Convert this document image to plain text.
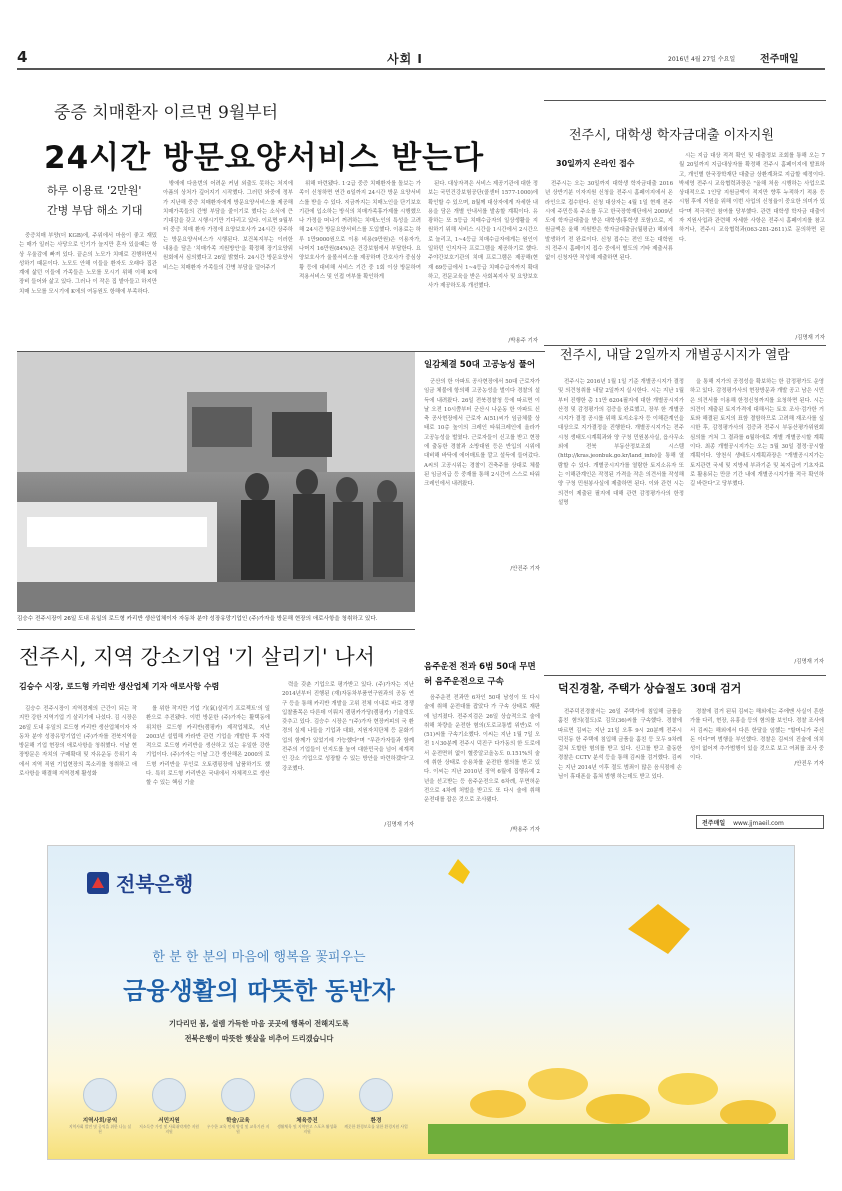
4	사회 I	2016년 4월 27일 수요일 전주매일
중증 치매환자 이르면 9월부터
24시간 방문요양서비스 받는다
하루 이용료 '2만원'
간병 부담 해소 기대

중증치매 부양(더 KGB)에, 주위에서 마음이 좋고 재밌는 매가 일러는 사당으로 인기가 늘지만 혼자 있을때는 항상 우울감에 빠져 있다. 끝순의 노모가 치매로 진행하면서 성하기 때문이다. 노모도 안해 이들을 환자도 오래다 집관계에 삶던 이들에 가족들은 노모를 모시기 위해 이해 K에 장비 들어와 삶고 있다. 그러나 이 작은 집 밭아들고 하지만 치매 노모를 모시기에 K에의 여동원도 항해에 부족하다.

밖에에 다음번의 어려운 커념 외출도 못하는 처지에 아픔의 상처가 깊어지기 시작했다. 그러던 와중에 정부가 지난해 중증 치매환자에게 방문요양서비스를 제공해 치매가족들의 간병 부담을 줄이기로 했다는 소식에 큰 기대감을 갖고 시행시기만 기다리고 있다. 이르면 9월부터 중증 치매 환자 가정에 요양보호사가 24시간 상주하는 방문요양서비스가 시행된다. 보건복지부는 이러한 내용을 담은 '치매가족 지원방안'을 확정해 장기요양위원회에서 심의했다고 26일 밝혔다. 24시간 방문요양서비스는 치매환자 가족들의 간병 부담을 덜어주기

위해 마련됐다. 1·2급 중증 치매환자를 돌보는 가족이 신청하면 연간 6일까지 24시간 방문 요양서비스를 받을 수 있다. 지금까지는 치매노인을 단기보호기관에 입소하는 방식의 치매가족휴가제를 시행했으나 가정을 떠나기 꺼려하는 치매노인의 특성을 고려해 24시간 방문요양서비스를 도입했다. 이용료는 하루 1만9000원으로 이용 비용(9만원)은 이용자가, 나머지 16만원(84%)은 건강보험에서 부담한다. 요양보호사가 울볼서비스를 제공하며 간호사가 중심상황 등에 대비해 서비스 기간 중 1회 이상 방문하여 적용서비스 및 인접 여부를 확인하게

된다. 대상자격은 서비스 제공기관에 대한 정보는 국민건강보험공단(콜센터 1577-1000)에 확인할 수 있으며, 8월께 대상자에게 자세한 내용을 담은 개별 안내서를 발송할 계획이다. 유광하는 또 5등급 치매수급자의 일상생활을 지원하기 위해 서비스 시간을 1시간에서 2시간으로 늘리고, 1~4등급 치매수급자에게는 원인이 일하던 인지자극 프로그램을 제공하기로 했다. 주야간보호기관의 치매 프로그램은 제공해(현재 69등급에서 1~4등급 치매수급자까지 확대하고, 전문교육을 받은 사회복지사 및 요양보호사가 제공하도록 개선했다.

/박용주 기자
전주시, 대학생 학자금대출 이자지원
30일까지 온라인 접수

전주시는 오는 30일까지 대학생 학자금대출 2016년 상반기분 이자지원 신청을 전주시 홈페이지에서 온라인으로 접수한다. 신청 대상자는 4월 1일 현재 전주시에 주민등록 주소를 두고 한국장학재단에서 2009년도에 학자금대출을 받은 대학생(휴학생 포함)으로, 지원금액은 올해 지원받은 학자금대출금(월평균) 해외에 발생하기 전 완료이다. 신청 접수는 전인 또는 대학원의 전주시 홈페이지 접수 중에서 별도의 기타 제출서류 없이 신청자만 작성해 제출하면 된다.

시는 지급 대상 적격 확인 및 대출정보 조회를 통해 오는 7월 20일까지 지급대상자를 확정해 전주시 홈페이지에 발표하고, 개인별 한국장학재단 대출금 상환계좌로 지급할 예정이다. 박세영 전주시 교육협력과장은 "올해 처음 시행하는 사업으로 상대적으로 1인당 지원금액이 적지만 향후 누적하기 적용 등 시험 후에 지원을 위해 이번 사업의 신청율이 중요한 의미가 있다"며 적극적인 참여를 당부했다. 관련 대학생 학자금 대출이자 지원사업과 관련해 자세한 사항은 전주시 홈페이지를 참고하거나, 전주시 교육협력과(063-281-2611)로 문의하면 된다.

/김명재 기자
김승수 전주시장이 26일 도내 유일의 로드형 카리반 생산업체이자 자동차 분야 성장유망기업인 (주)가자을 방문해 현장의 애로사항을 청취하고 있다.
일감체결 50대 고공농성 풀어

군산의 한 아파트 공사현장에서 50대 근로자가 임금 체불에 항의해 고공농성을 벌이다 경찰의 설득에 내려왔다. 26일 전북경찰청 등에 따르면 이날 오전 10시쯤부터 군산시 나운동 한 아파트 신축 공사현장에서 근로자 A(51)씨가 임금체불 상태로 10층 높이의 크레인 타워크레인에 올라가 고공농성을 벌였다. 근로자들이 신고를 받고 현장에 출동한 경찰과 소방대원 등은 반입의 시위에 대비해 바닥에 에어매트를 깔고 설득에 들어갔다. A씨의 고공시위는 경찰이 건축주를 상대로 체불된 임금지급 등 중재를 통해 2시간여 스스로 타워크레인에서 내려왔다.

/안진주 기자
전주시, 내달 2일까지 개별공시지가 열람

전주시는 2016년 1월 1일 기준 개별공시지가 결정 및 의견청취를 내달 2일까지 실시한다. 시는 지난 1월부터 진행한 총 11만 6204필지에 대한 개별공시지가 산정 및 감정평가의 검증을 완료했고, 장부 한 개별공시지가 결정 공시를 위해 토지소유자 등 이해관계인을 대상으로 지가결정을 진행한다. 개별공시지가는 전주시청 생태도시계획과와 양 구청 민원봉사실, 읍사무소 외에 전북 부동산정보조회 시스템(http://kras.jeonbuk.go.kr/land_info)을 통해 열람할 수 있다. 개별공시지가를 열람한 토지소유자 또는 이해관계인은 작정된 가격을 작은 의견서를 작성해 양 구청 민원봉사실에 제출하면 된다. 이와 관련 시는 의견이 제출된 필지에 대해 관련 감정평가사의 한정 설명

을 통해 지가의 공정성을 확보하는 한 감정평가도 운영하고 있다. 감정평가사의 현장방문과 개발 공고 남은 시민은 의견서를 이용해 한정신청까지를 요청하면 된다. 시는 의견이 제출된 토지가격에 대해서는 토호 조사·검가한 거토와 해결된 토지의 표함 결함하므로 고려해 재조사를 실시한 후, 감정평가사의 검증과 전주시 부동산평가위원회 심의를 거쳐 그 결과를 6월하에로 개별 개별공시할 계획이다. 최종 개별공시지가는 오는 5월 30일 결정·공시할 계획이다. 양천식 생태도시계획과장은 "개별공시지가는 토지관련 국세 및 지방세 부과기준 및 복지급여 기초자료로 활용되는 만큼 기간 내에 개별공시지가를 적극 확인하길 바란다"고 당부했다.

/김명재 기자
전주시, 지역 강소기업 '기 살리기' 나서
김승수 시장, 로드형 카리반 생산업체 기자 애로사항 수렴

김승수 전주시장이 지역경제의 근간이 되는 작지만 강한 지역기업 기 살리기에 나섰다. 김 시장은 26일 도내 유일의 로드형 카리반 생산업체이자 자동차 분야 성장유망기업인 (주)가자를 전북지역을 방문해 기업 현장의 애로사항을 청취했다. 이날 현장방문은 자치의 구매확대 및 자유운동 등위기 속에서 지역 직원 기업현장의 목소리를 청취하고 애로사항을 해결해 지역경제 활성화

를 위한 작지만 기업 기(氣)살리기 프로젝트'의 일환으로 추진됐다. 이번 방문한 (주)가자는 활택동에 위치한 로드형 카리반(캠핑카) 제작업체로, 지난 2003년 설립해 카라반 관련 기업을 개발한 후 자력적으로 로드형 카리반을 생산하고 있는 유일한 강한 기업이다. (주)가자는 이날 그간 생산해온 2000의 로드형 카리반을 무인로 오토캠핑장에 납품하기도 했다. 특히 로드형 카리반은 국내에서 자체적으로 생산할 수 있는 핵심 기술

력을 갖춘 기업으로 평가받고 있다. (주)가자는 지난 2014년부터 진행된 (재)자동차부품연구원과의 공동 연구 등을 통해 카리반 개발을 고위 전체 이내로 바로 경쟁입찰품목은 다른데 이뤄지 캠핑카가당(캠핑카) 기술력도 갖추고 있다. 김승수 시장은 "(주)가자 현장커피의 국 환경의 실제 나들을 기업과 대화, 지원자치단체 등 문화기업의 함께가 있었기에 가능했다"며 "무관가자들과 함께 전주의 기업들이 인지도를 높여 대한민국을 넘어 세계적인 강소 기업으로 성장할 수 있는 방안을 마련하겠다"고 강조했다.

/김명재 기자
음주운전 전과 6범 50대 무면허 음주운전으로 구속

음주운전 전과만 6차인 50대 남성이 또 다시 술에 취해 운전대를 잡았다 가 구속 상태로 재판에 넘겨졌다. 전주지검은 26일 상습적으로 술에 취해 차량을 운전한 혐의(도로교통법 위반)로 이(51)씨를 구속기소했다. 이씨는 지난 1월 7일 오전 1시30분께 전주시 덕진구 다가동의 한 도로에서 운전면허 없이 혈중알코올농도 0.151%의 술에 취한 상태로 승용차를 운전한 혐의를 받고 있다. 이씨는 지난 2010년 징역 6월에 집행유예 2년을 선고받는 등 음주운전으로 6차례, 무면허운전으로 4차례 처벌을 받고도 또 다시 술에 취해 운전대를 잡은 것으로 조사됐다.

/박용주 기자
덕진경찰, 주택가 상습절도 30대 검거

전주덕진경찰서는 26일 주택가에 침입해 금품을 훔친 혐의(절도)로 김모(36)씨를 구속했다. 경찰에 따르면 김씨는 지난 21일 오후 9시 20분께 전주시 덕진동 한 주택에 침입해 금품을 훔친 등 모두 9차례 걸쳐 도합한 혐의를 받고 있다. 신고를 받고 출동한 경찰은 CCTV 분석 등을 통해 김씨를 검거했다. 김씨는 지난 2014년 이후 절도 범죄이 많은 음식점에 손님이 휴대폰을 흡쳐 범행 하는데도 받고 있다.

경찰에 검거 된뒤 김씨는 해외에는 주에맨 사실이 흔한가를 다리, 현장, 유흥을 등의 혐의를 보인다. 경찰 조사에서 김씨는 해외에서 다른 한달을 임했는 "할머니가 주신 돈 이다"며 범행을 부인했다. 경찰은 김씨의 진술에 의치성이 없어져 추가범행이 있을 것으로 보고 여죄를 조사 중이다.

/안진우 기자
전주매일 www.jjmaeil.com
전북은행
한 분 한 분의 마음에 행복을 꽃피우는
금융생활의 따뜻한 동반자
기다리던 봄, 설렘 가득한 마음 곳곳에 행복이 전해지도록
전북은행이 따뜻한 햇살을 비추어 드리겠습니다
지역사회/공익
지역사회 발전 및 공익을 위한 나눔 실천
서민지원
저소득층 가정 및 사회취약계층 지원 지원
학술/교육
우수한 교육 인재 양성 및 교육기관 지원
체육증진
생활체육 및 지역연고 스포츠 활성화 지원
환경
깨끗한 환경보호를 위한 환경지원 사업
